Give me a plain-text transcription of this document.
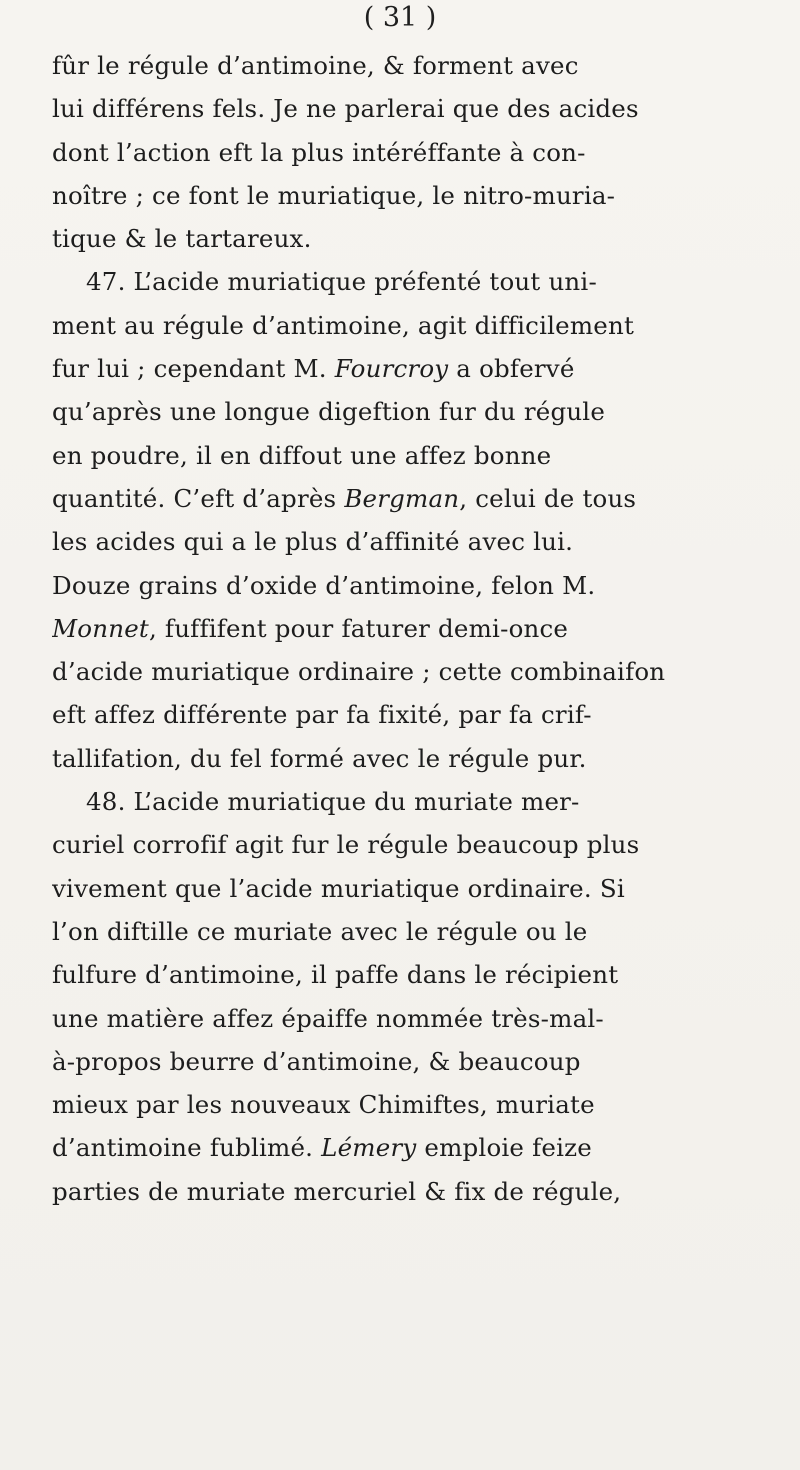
( 31 )
fûr le régule d’antimoine, & forment avec
lui différens fels. Je ne parlerai que des acides
dont l’action eft la plus intéréffante à con-
noître ; ce font le muriatique, le nitro-muria-
tique & le tartareux.
47. L’acide muriatique préfenté tout uni-
ment au régule d’antimoine, agit difficilement
fur lui ; cependant M. Fourcroy a obfervé
qu’après une longue digeftion fur du régule
en poudre, il en diffout une affez bonne
quantité. C’eft d’après Bergman, celui de tous
les acides qui a le plus d’affinité avec lui.
Douze grains d’oxide d’antimoine, felon M.
Monnet, fuffifent pour faturer demi-once
d’acide muriatique ordinaire ; cette combinaifon
eft affez différente par fa fixité, par fa crif-
tallifation, du fel formé avec le régule pur.
48. L’acide muriatique du muriate mer-
curiel corrofif agit fur le régule beaucoup plus
vivement que l’acide muriatique ordinaire. Si
l’on diftille ce muriate avec le régule ou le
fulfure d’antimoine, il paffe dans le récipient
une matière affez épaiffe nommée très-mal-
à-propos beurre d’antimoine, & beaucoup
mieux par les nouveaux Chimiftes, muriate
d’antimoine fublimé. Lémery emploie feize
parties de muriate mercuriel & fix de régule,
